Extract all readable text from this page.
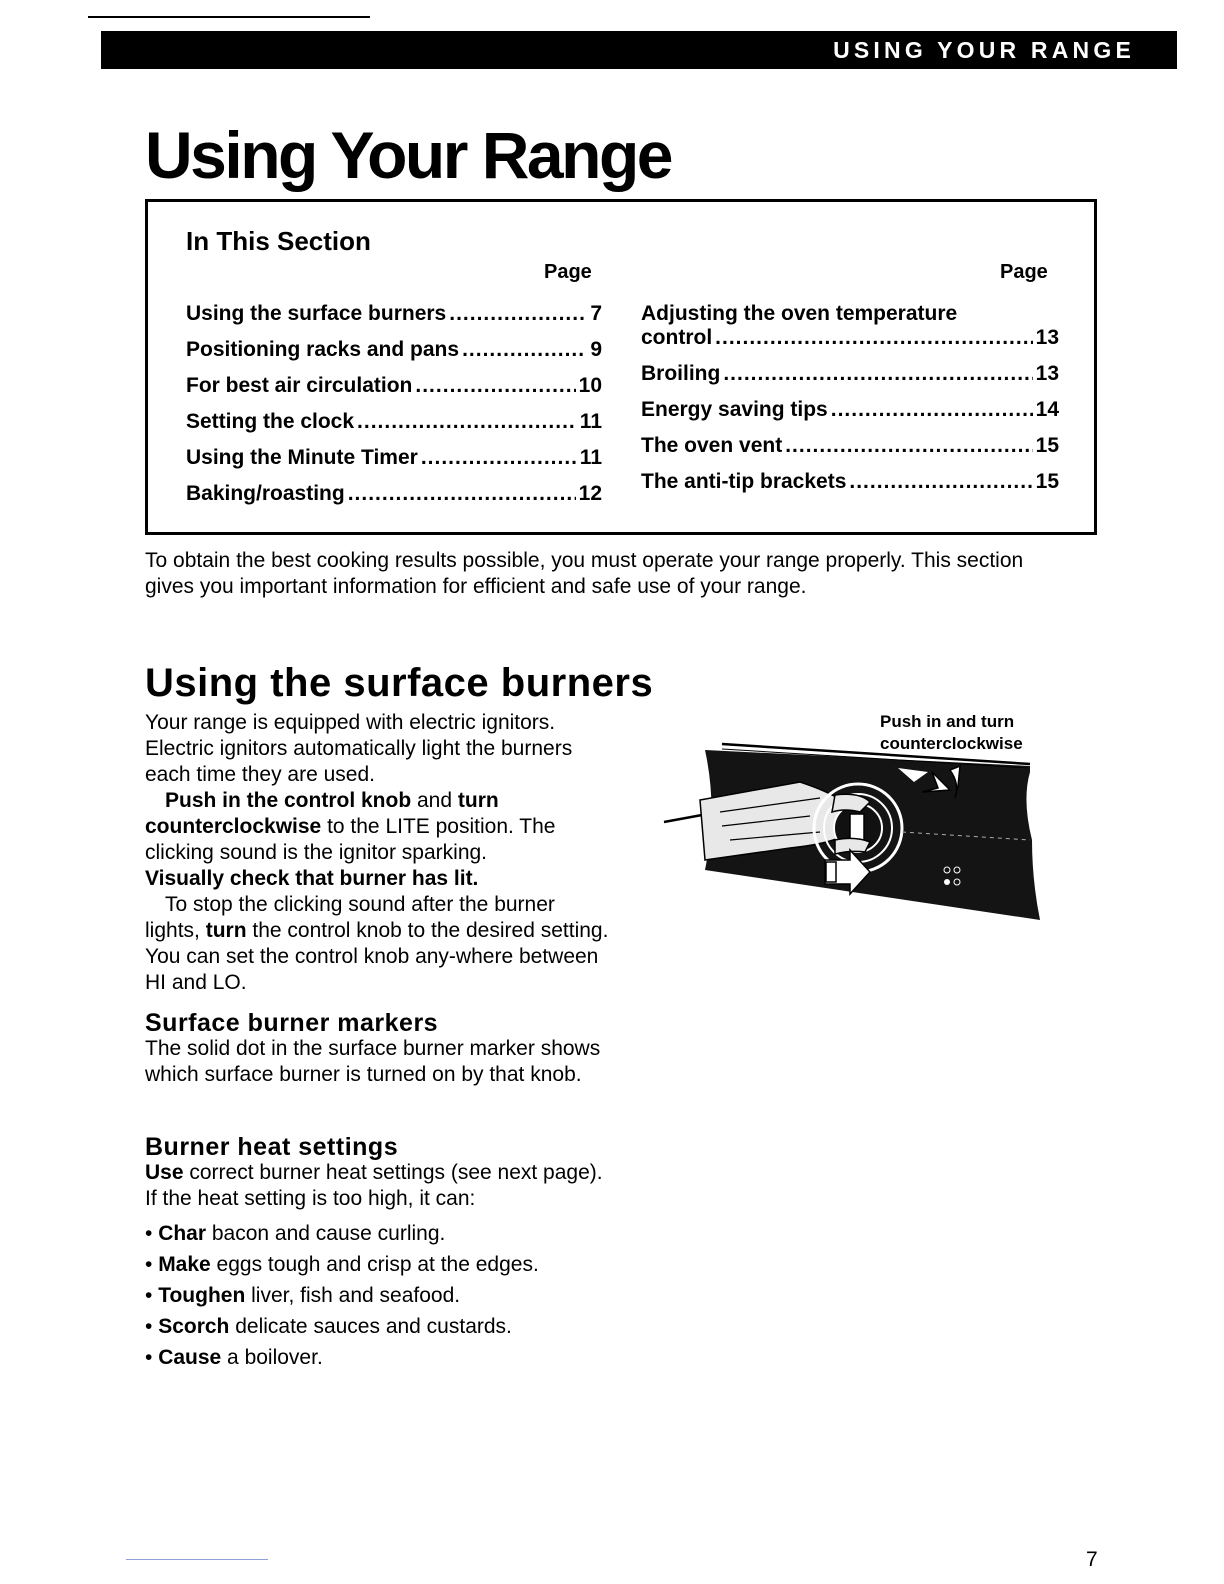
USING YOUR RANGE
Using Your Range
In This Section
Page	Page
Using the surface burners .....	7
Positioning racks and pans .....	9
For best air circulation .....	10
Setting the clock .....	11
Using the Minute Timer .....	11
Baking/roasting .....	12
Adjusting the oven temperature
control .....	13
Broiling .....	13
Energy saving tips .....	14
The oven vent .....	15
The anti-tip brackets .....	15

To obtain the best cooking results possible, you must operate your range properly. This section gives you important information for efficient and safe use of your range.

Using the surface burners

Your range is equipped with electric ignitors. Electric ignitors automatically light the burners each time they are used.

Push in the control knob and turn counterclockwise to the LITE position. The clicking sound is the ignitor sparking.

Visually check that burner has lit.

To stop the clicking sound after the burner lights, turn the control knob to the desired setting. You can set the control knob any-where between HI and LO.

Surface burner markers

The solid dot in the surface burner marker shows which surface burner is turned on by that knob.

Burner heat settings

Use correct burner heat settings (see next page). If the heat setting is too high, it can:

• Char bacon and cause curling.
• Make eggs tough and crisp at the edges.
• Toughen liver, fish and seafood.
• Scorch delicate sauces and custards.
• Cause a boilover.

Push in and turn
counterclockwise

7
